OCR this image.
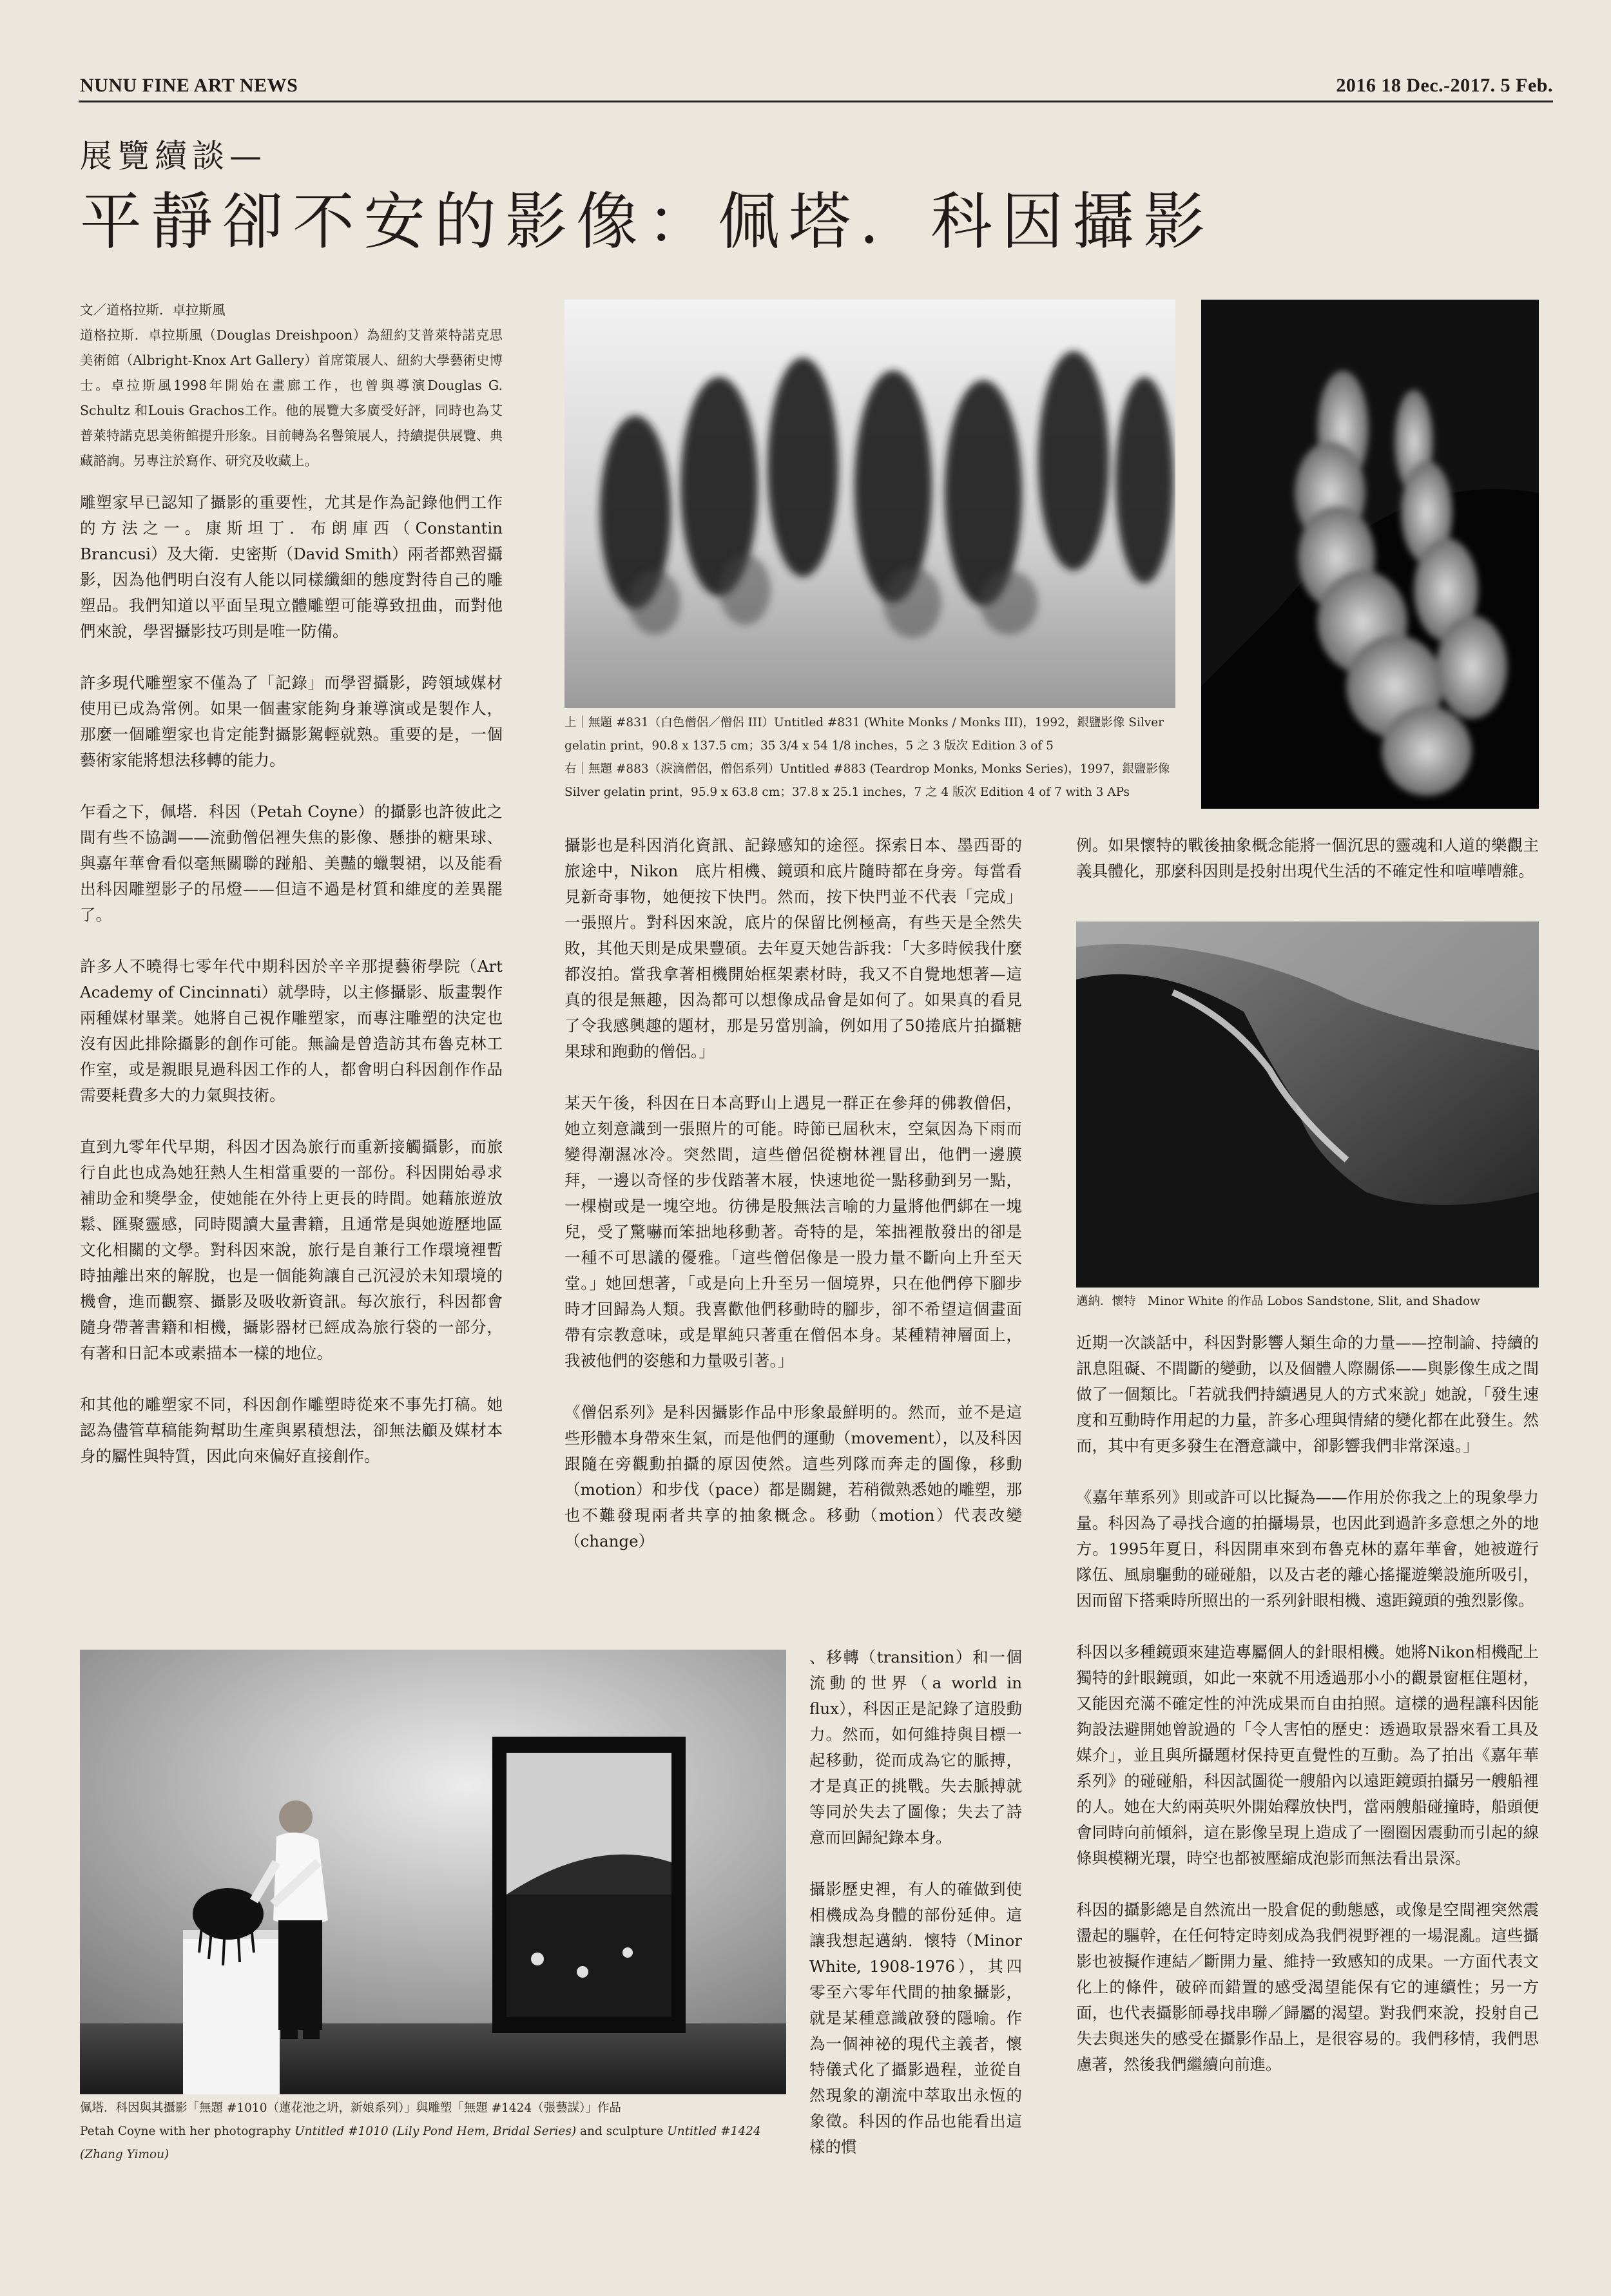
NUNU FINE ART NEWS	2016 18 Dec.-2017. 5 Feb.
展覽續談—
平靜卻不安的影像：佩塔．科因攝影
文／道格拉斯．卓拉斯風
道格拉斯．卓拉斯風（Douglas Dreishpoon）為紐約艾普萊特諾克思美術館（Albright-Knox Art Gallery）首席策展人、紐約大學藝術史博士。卓拉斯風1998年開始在畫廊工作，也曾與導演Douglas G. Schultz 和Louis Grachos工作。他的展覽大多廣受好評，同時也為艾普萊特諾克思美術館提升形象。目前轉為名譽策展人，持續提供展覽、典藏諮詢。另專注於寫作、研究及收藏上。

雕塑家早已認知了攝影的重要性，尤其是作為記錄他們工作的方法之一。康斯坦丁．布朗庫西（Constantin Brancusi）及大衛．史密斯（David Smith）兩者都熟習攝影，因為他們明白沒有人能以同樣纖細的態度對待自己的雕塑品。我們知道以平面呈現立體雕塑可能導致扭曲，而對他們來說，學習攝影技巧則是唯一防備。

許多現代雕塑家不僅為了「記錄」而學習攝影，跨領域媒材使用已成為常例。如果一個畫家能夠身兼導演或是製作人，那麼一個雕塑家也肯定能對攝影駕輕就熟。重要的是，一個藝術家能將想法移轉的能力。

乍看之下，佩塔．科因（Petah Coyne）的攝影也許彼此之間有些不協調——流動僧侶裡失焦的影像、懸掛的糖果球、與嘉年華會看似毫無關聯的踫船、美豔的蠟製裙，以及能看出科因雕塑影子的吊燈——但這不過是材質和維度的差異罷了。

許多人不曉得七零年代中期科因於辛辛那提藝術學院（Art Academy of Cincinnati）就學時，以主修攝影、版畫製作兩種媒材畢業。她將自己視作雕塑家，而專注雕塑的決定也沒有因此排除攝影的創作可能。無論是曾造訪其布魯克林工作室，或是親眼見過科因工作的人，都會明白科因創作作品需要耗費多大的力氣與技術。

直到九零年代早期，科因才因為旅行而重新接觸攝影，而旅行自此也成為她狂熱人生相當重要的一部份。科因開始尋求補助金和獎學金，使她能在外待上更長的時間。她藉旅遊放鬆、匯聚靈感，同時閱讀大量書籍，且通常是與她遊歷地區文化相關的文學。對科因來說，旅行是自兼行工作環境裡暫時抽離出來的解脫，也是一個能夠讓自己沉浸於未知環境的機會，進而觀察、攝影及吸收新資訊。每次旅行，科因都會隨身帶著書籍和相機，攝影器材已經成為旅行袋的一部分，有著和日記本或素描本一樣的地位。

和其他的雕塑家不同，科因創作雕塑時從來不事先打稿。她認為儘管草稿能夠幫助生產與累積想法，卻無法顧及媒材本身的屬性與特質，因此向來偏好直接創作。

上｜無題 #831（白色僧侶／僧侶 III）Untitled #831 (White Monks / Monks III)，1992，銀鹽影像 Silver gelatin print，90.8 x 137.5 cm；35 3/4 x 54 1/8 inches，5 之 3 版次 Edition 3 of 5

右｜無題 #883（淚滴僧侶，僧侶系列）Untitled #883 (Teardrop Monks, Monks Series)，1997，銀鹽影像 Silver gelatin print，95.9 x 63.8 cm；37.8 x 25.1 inches，7 之 4 版次 Edition 4 of 7 with 3 APs

攝影也是科因消化資訊、記錄感知的途徑。探索日本、墨西哥的旅途中，Nikon　底片相機、鏡頭和底片隨時都在身旁。每當看見新奇事物，她便按下快門。然而，按下快門並不代表「完成」一張照片。對科因來說，底片的保留比例極高，有些天是全然失敗，其他天則是成果豐碩。去年夏天她告訴我：「大多時候我什麼都沒拍。當我拿著相機開始框架素材時，我又不自覺地想著—這真的很是無趣，因為都可以想像成品會是如何了。如果真的看見了令我感興趣的題材，那是另當別論，例如用了50捲底片拍攝糖果球和跑動的僧侶。」

某天午後，科因在日本高野山上遇見一群正在參拜的佛教僧侶，她立刻意識到一張照片的可能。時節已屆秋末，空氣因為下雨而變得潮濕冰冷。突然間，這些僧侶從樹林裡冒出，他們一邊膜拜，一邊以奇怪的步伐踏著木屐，快速地從一點移動到另一點，一棵樹或是一塊空地。彷彿是股無法言喻的力量將他們綁在一塊兒，受了驚嚇而笨拙地移動著。奇特的是，笨拙裡散發出的卻是一種不可思議的優雅。「這些僧侶像是一股力量不斷向上升至天堂。」她回想著，「或是向上升至另一個境界，只在他們停下腳步時才回歸為人類。我喜歡他們移動時的腳步，卻不希望這個畫面帶有宗教意味，或是單純只著重在僧侶本身。某種精神層面上，我被他們的姿態和力量吸引著。」

《僧侶系列》是科因攝影作品中形象最鮮明的。然而，並不是這些形體本身帶來生氣，而是他們的運動（movement），以及科因跟隨在旁觀動拍攝的原因使然。這些列隊而奔走的圖像，移動（motion）和步伐（pace）都是關鍵，若稍微熟悉她的雕塑，那也不難發現兩者共享的抽象概念。移動（motion）代表改變（change）

、移轉（transition）和一個流動的世界（a world in flux），科因正是記錄了這股動力。然而，如何維持與目標一起移動，從而成為它的脈搏，才是真正的挑戰。失去脈搏就等同於失去了圖像；失去了詩意而回歸紀錄本身。

攝影歷史裡，有人的確做到使相機成為身體的部份延伸。這讓我想起邁納．懷特（Minor White, 1908-1976），其四零至六零年代間的抽象攝影，就是某種意識啟發的隱喻。作為一個神祕的現代主義者，懷特儀式化了攝影過程，並從自然現象的潮流中萃取出永恆的象徵。科因的作品也能看出這樣的慣

例。如果懷特的戰後抽象概念能將一個沉思的靈魂和人道的樂觀主義具體化，那麼科因則是投射出現代生活的不確定性和喧嘩嘈雜。

邁納．懷特　Minor White 的作品 Lobos Sandstone, Slit, and Shadow

近期一次談話中，科因對影響人類生命的力量——控制論、持續的訊息阻礙、不間斷的變動，以及個體人際關係——與影像生成之間做了一個類比。「若就我們持續遇見人的方式來說」她說，「發生速度和互動時作用起的力量，許多心理與情緒的變化都在此發生。然而，其中有更多發生在潛意識中，卻影響我們非常深遠。」

《嘉年華系列》則或許可以比擬為——作用於你我之上的現象學力量。科因為了尋找合適的拍攝場景，也因此到過許多意想之外的地方。1995年夏日，科因開車來到布魯克林的嘉年華會，她被遊行隊伍、風扇驅動的碰碰船，以及古老的離心搖擺遊樂設施所吸引，因而留下搭乘時所照出的一系列針眼相機、遠距鏡頭的強烈影像。

科因以多種鏡頭來建造專屬個人的針眼相機。她將Nikon相機配上獨特的針眼鏡頭，如此一來就不用透過那小小的觀景窗框住題材，又能因充滿不確定性的沖洗成果而自由拍照。這樣的過程讓科因能夠設法避開她曾說過的「令人害怕的歷史：透過取景器來看工具及媒介」，並且與所攝題材保持更直覺性的互動。為了拍出《嘉年華系列》的碰碰船，科因試圖從一艘船內以遠距鏡頭拍攝另一艘船裡的人。她在大約兩英呎外開始釋放快門，當兩艘船碰撞時，船頭便會同時向前傾斜，這在影像呈現上造成了一圈圈因震動而引起的線條與模糊光環，時空也都被壓縮成泡影而無法看出景深。

科因的攝影總是自然流出一股倉促的動態感，或像是空間裡突然震盪起的驅幹，在任何特定時刻成為我們視野裡的一場混亂。這些攝影也被擬作連結／斷開力量、維持一致感知的成果。一方面代表文化上的條件，破碎而錯置的感受渴望能保有它的連續性；另一方面，也代表攝影師尋找串聯／歸屬的渴望。對我們來說，投射自己失去與迷失的感受在攝影作品上，是很容易的。我們移情，我們思慮著，然後我們繼續向前進。

佩塔．科因與其攝影「無題 #1010（蓮花池之坍，新娘系列）」與雕塑「無題 #1424（張藝謀）」作品

Petah Coyne with her photography Untitled #1010 (Lily Pond Hem, Bridal Series) and sculpture Untitled #1424 (Zhang Yimou)
